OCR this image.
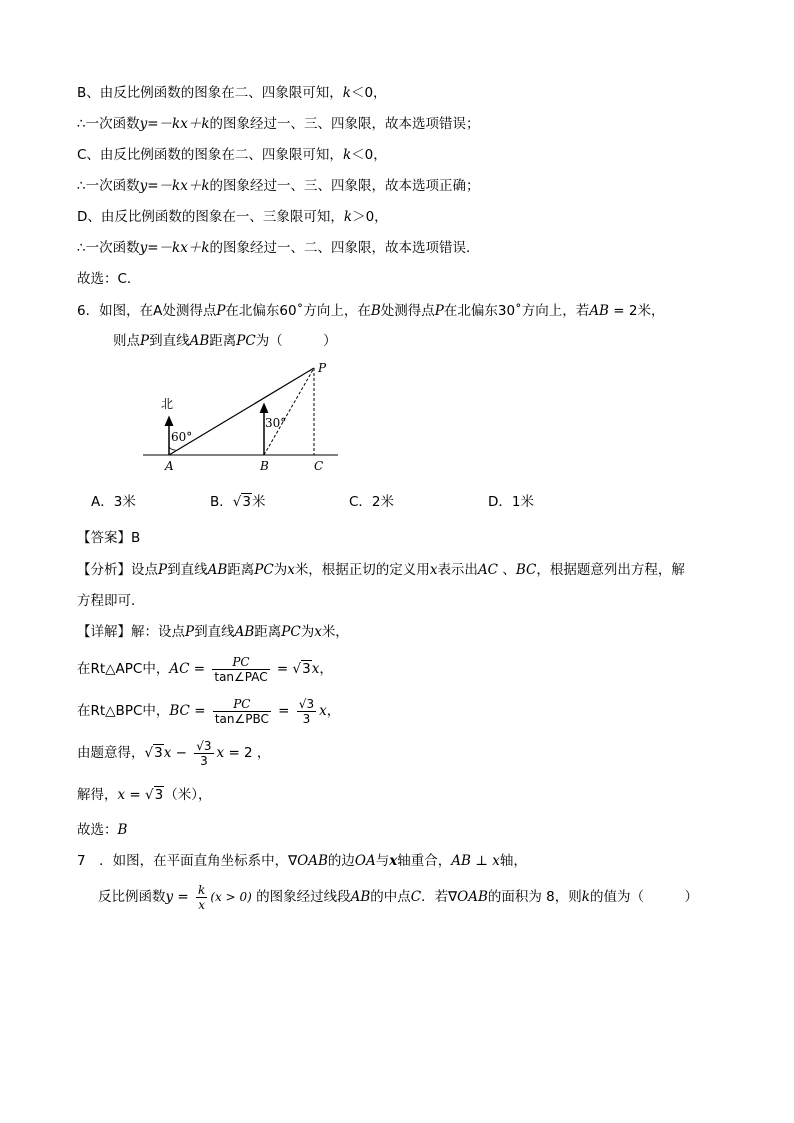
B、由反比例函数的图象在二、四象限可知，k＜0，
∴一次函数y=－kx＋k的图象经过一、三、四象限，故本选项错误；
C、由反比例函数的图象在二、四象限可知，k＜0，
∴一次函数y=－kx＋k的图象经过一、三、四象限，故本选项正确；
D、由反比例函数的图象在一、三象限可知，k＞0，
∴一次函数y=－kx＋k的图象经过一、二、四象限，故本选项错误．
故选：C．
6．如图，在A处测得点P在北偏东60˚方向上，在B处测得点P在北偏东30˚方向上，若AB = 2米，
则点P到直线AB距离PC为（　　　）
北
60°
30°
A	B	C
P
A．3米	B．√3米	C．2米	D．1米
【答案】B
【分析】设点P到直线AB距离PC为x米，根据正切的定义用x表示出AC 、BC，根据题意列出方程，解
方程即可．
【详解】解：设点P到直线AB距离PC为x米，
在Rt△APC中，AC = $\frac{PC}{\text{tan∠PAC}} = √3x$，
在Rt△BPC中，BC = $\frac{PC}{\text{tan∠PBC}} = \frac{√3}{3}$ x，
由题意得，$√3x - \frac{√3}{3}$ x = 2 ，
解得，x = √3（米），
故选：B
7　．如图，在平面直角坐标系中，∇OAB的边OA与x轴重合，AB ⊥ x轴，
反比例函数$y = \frac{k}{x} (x > 0)$ 的图象经过线段AB的中点C．若∇OAB的面积为 8，则k的值为（　　　）
